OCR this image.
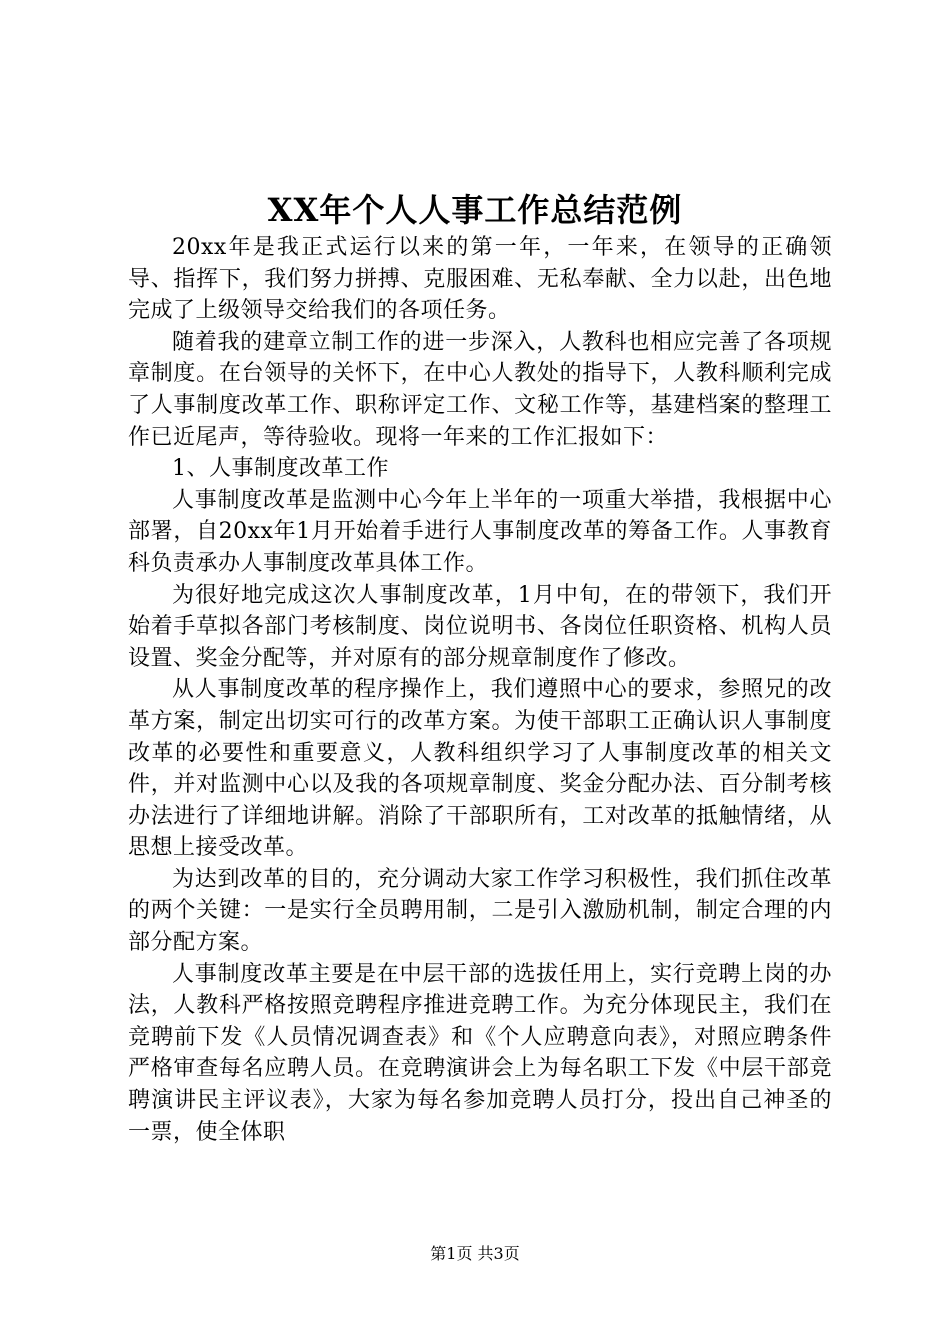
XX年个人人事工作总结范例

20xx年是我正式运行以来的第一年，一年来，在领导的正确领导、指挥下，我们努力拼搏、克服困难、无私奉献、全力以赴，出色地完成了上级领导交给我们的各项任务。

随着我的建章立制工作的进一步深入，人教科也相应完善了各项规章制度。在台领导的关怀下，在中心人教处的指导下，人教科顺利完成了人事制度改革工作、职称评定工作、文秘工作等，基建档案的整理工作已近尾声，等待验收。现将一年来的工作汇报如下：

1、人事制度改革工作

人事制度改革是监测中心今年上半年的一项重大举措，我根据中心部署，自20xx年1月开始着手进行人事制度改革的筹备工作。人事教育科负责承办人事制度改革具体工作。

为很好地完成这次人事制度改革，1月中旬，在的带领下，我们开始着手草拟各部门考核制度、岗位说明书、各岗位任职资格、机构人员设置、奖金分配等，并对原有的部分规章制度作了修改。

从人事制度改革的程序操作上，我们遵照中心的要求，参照兄的改革方案，制定出切实可行的改革方案。为使干部职工正确认识人事制度改革的必要性和重要意义，人教科组织学习了人事制度改革的相关文件，并对监测中心以及我的各项规章制度、奖金分配办法、百分制考核办法进行了详细地讲解。消除了干部职所有，工对改革的抵触情绪，从思想上接受改革。

为达到改革的目的，充分调动大家工作学习积极性，我们抓住改革的两个关键：一是实行全员聘用制，二是引入激励机制，制定合理的内部分配方案。

人事制度改革主要是在中层干部的选拔任用上，实行竞聘上岗的办法，人教科严格按照竞聘程序推进竞聘工作。为充分体现民主，我们在竞聘前下发《人员情况调查表》和《个人应聘意向表》，对照应聘条件严格审查每名应聘人员。在竞聘演讲会上为每名职工下发《中层干部竞聘演讲民主评议表》，大家为每名参加竞聘人员打分，投出自己神圣的一票，使全体职

第1页 共3页
